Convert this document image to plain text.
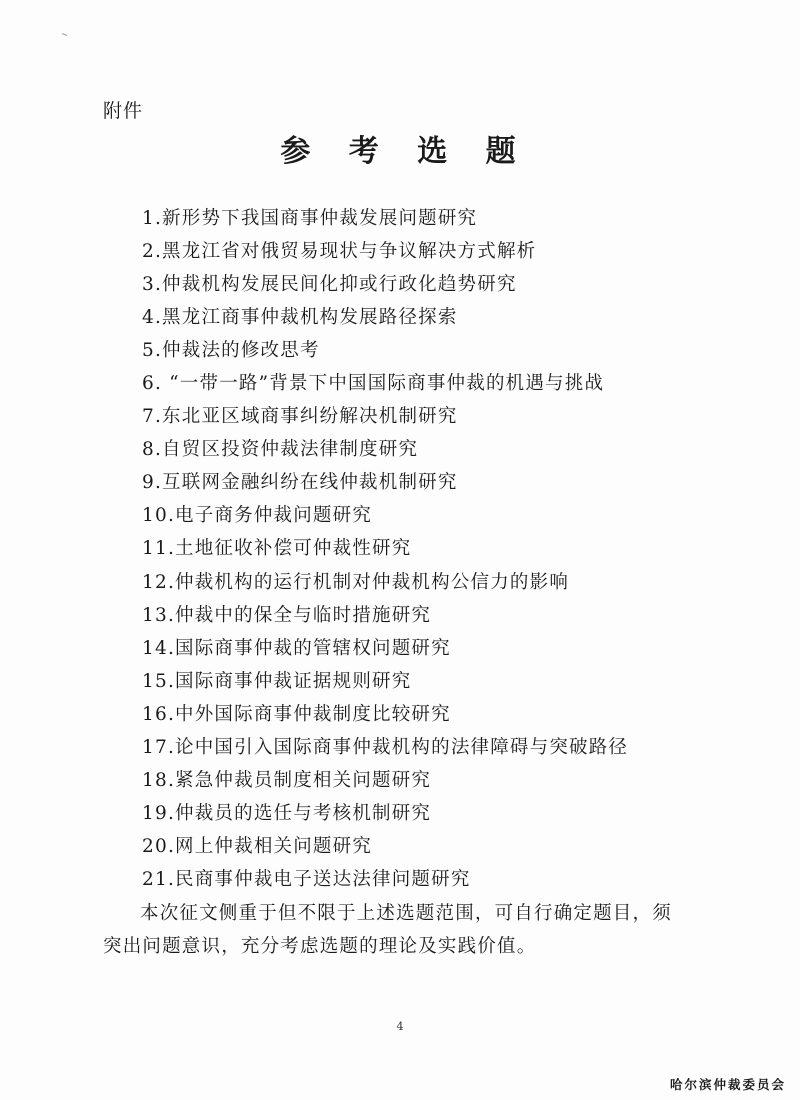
附件
参 考 选 题
1.新形势下我国商事仲裁发展问题研究
2.黑龙江省对俄贸易现状与争议解决方式解析
3.仲裁机构发展民间化抑或行政化趋势研究
4.黑龙江商事仲裁机构发展路径探索
5.仲裁法的修改思考
6. “一带一路”背景下中国国际商事仲裁的机遇与挑战
7.东北亚区域商事纠纷解决机制研究
8.自贸区投资仲裁法律制度研究
9.互联网金融纠纷在线仲裁机制研究
10.电子商务仲裁问题研究
11.土地征收补偿可仲裁性研究
12.仲裁机构的运行机制对仲裁机构公信力的影响
13.仲裁中的保全与临时措施研究
14.国际商事仲裁的管辖权问题研究
15.国际商事仲裁证据规则研究
16.中外国际商事仲裁制度比较研究
17.论中国引入国际商事仲裁机构的法律障碍与突破路径
18.紧急仲裁员制度相关问题研究
19.仲裁员的选任与考核机制研究
20.网上仲裁相关问题研究
21.民商事仲裁电子送达法律问题研究

本次征文侧重于但不限于上述选题范围，可自行确定题目，须突出问题意识，充分考虑选题的理论及实践价值。

4
哈尔滨仲裁委员会
